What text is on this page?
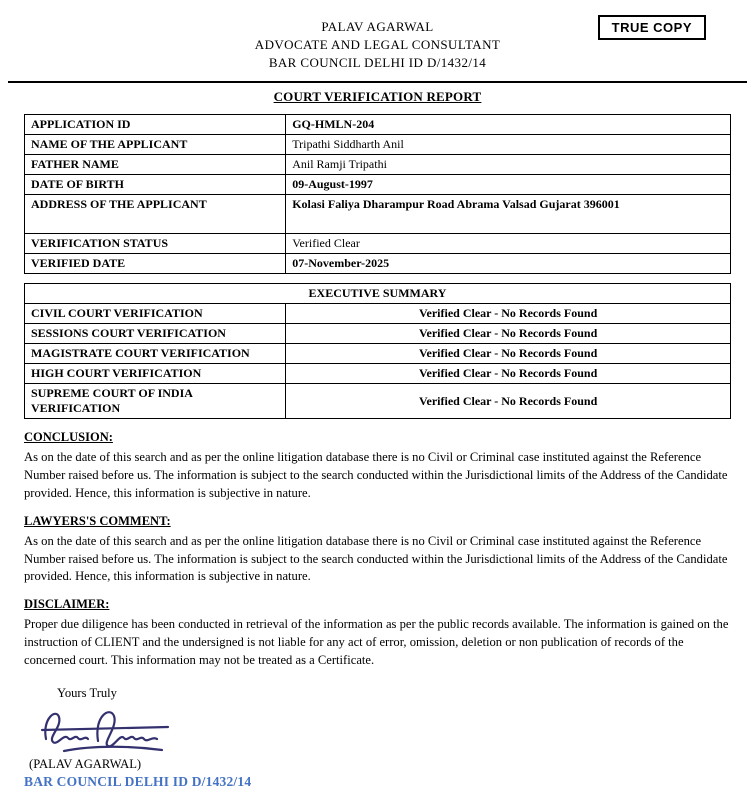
TRUE COPY
PALAV AGARWAL
ADVOCATE AND LEGAL CONSULTANT
BAR COUNCIL DELHI ID D/1432/14
COURT VERIFICATION REPORT
APPLICATION ID	GQ-HMLN-204
NAME OF THE APPLICANT	Tripathi Siddharth Anil
FATHER NAME	Anil Ramji Tripathi
DATE OF BIRTH	09-August-1997
ADDRESS OF THE APPLICANT	Kolasi Faliya Dharampur Road Abrama Valsad Gujarat 396001
VERIFICATION STATUS	Verified Clear
VERIFIED DATE	07-November-2025
EXECUTIVE SUMMARY	
CIVIL COURT VERIFICATION	Verified Clear - No Records Found
SESSIONS COURT VERIFICATION	Verified Clear - No Records Found
MAGISTRATE COURT VERIFICATION	Verified Clear - No Records Found
HIGH COURT VERIFICATION	Verified Clear - No Records Found
SUPREME COURT OF INDIA VERIFICATION	Verified Clear - No Records Found
CONCLUSION:
As on the date of this search and as per the online litigation database there is no Civil or Criminal case instituted against the Reference Number raised before us. The information is subject to the search conducted within the Jurisdictional limits of the Address of the Candidate provided. Hence, this information is subjective in nature.
LAWYERS'S COMMENT:
As on the date of this search and as per the online litigation database there is no Civil or Criminal case instituted against the Reference Number raised before us. The information is subject to the search conducted within the Jurisdictional limits of the Address of the Candidate provided. Hence, this information is subjective in nature.
DISCLAIMER:
Proper due diligence has been conducted in retrieval of the information as per the public records available. The information is gained on the instruction of CLIENT and the undersigned is not liable for any act of error, omission, deletion or non publication of records of the concerned court. This information may not be treated as a Certificate.
Yours Truly
(PALAV AGARWAL)
BAR COUNCIL DELHI ID D/1432/14
